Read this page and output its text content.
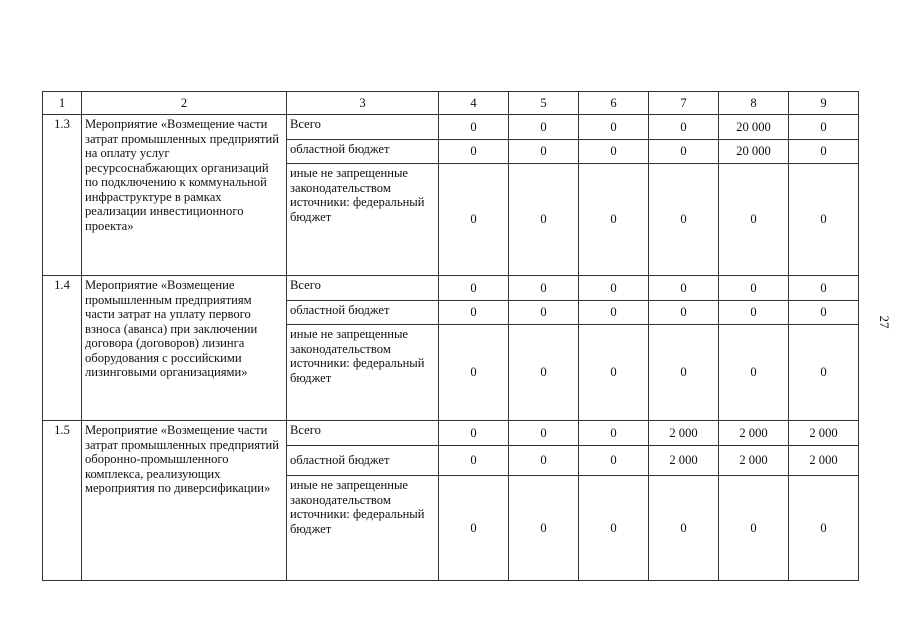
1	2	3	4	5	6	7	8	9
1.3	Мероприятие «Возмещение части затрат промышленных предприятий на оплату услуг ресурсоснабжающих организаций по подключению к коммунальной инфраструктуре в рамках реализации инвестиционного проекта»	Всего	0	0	0	0	20 000	0
		областной бюджет	0	0	0	0	20 000	0
		иные не запрещенные законодательством источники: федеральный бюджет	0	0	0	0	0	0
1.4	Мероприятие «Возмещение промышленным предприятиям части затрат на уплату первого взноса (аванса) при заключении договора (договоров) лизинга оборудования с российскими лизинговыми организациями»	Всего	0	0	0	0	0	0
		областной бюджет	0	0	0	0	0	0
		иные не запрещенные законодательством источники: федеральный бюджет	0	0	0	0	0	0
1.5	Мероприятие «Возмещение части затрат промышленных предприятий оборонно-промышленного комплекса, реализующих мероприятия по диверсификации»	Всего	0	0	0	2 000	2 000	2 000
		областной бюджет	0	0	0	2 000	2 000	2 000
		иные не запрещенные законодательством источники: федеральный бюджет	0	0	0	0	0	0
27
